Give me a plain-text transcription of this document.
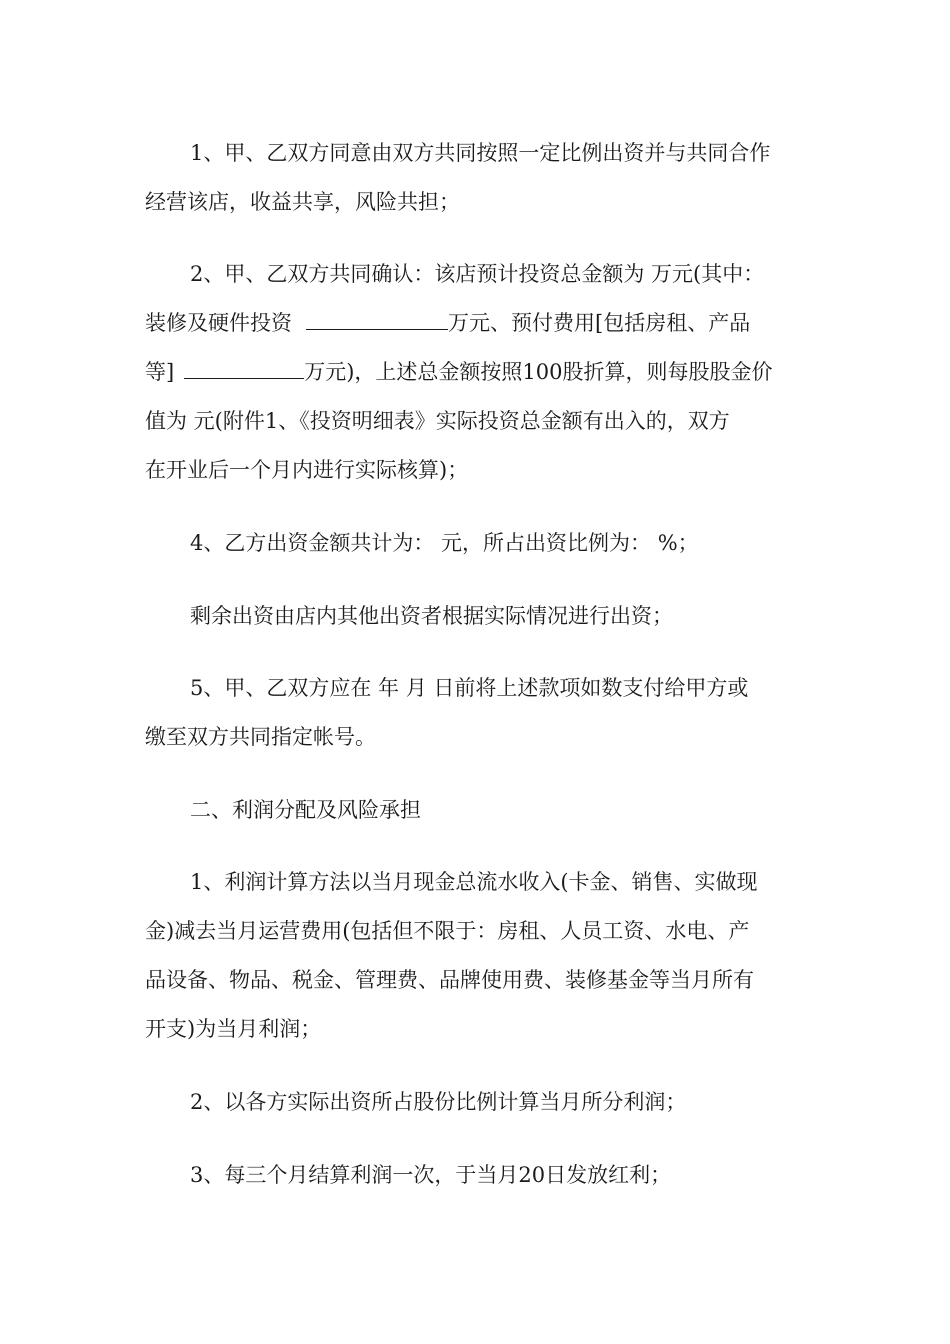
1、甲、乙双方同意由双方共同按照一定比例出资并与共同合作
经营该店，收益共享，风险共担；
2、甲、乙双方共同确认：该店预计投资总金额为 万元(其中：
装修及硬件投资	万元、预付费用[包括房租、产品
等]	万元)，上述总金额按照100股折算，则每股股金价
值为 元(附件1、《投资明细表》实际投资总金额有出入的，双方
在开业后一个月内进行实际核算)；
4、乙方出资金额共计为： 元，所占出资比例为： %；
剩余出资由店内其他出资者根据实际情况进行出资；
5、甲、乙双方应在 年 月 日前将上述款项如数支付给甲方或
缴至双方共同指定帐号。
二、利润分配及风险承担
1、利润计算方法以当月现金总流水收入(卡金、销售、实做现
金)减去当月运营费用(包括但不限于：房租、人员工资、水电、产
品设备、物品、税金、管理费、品牌使用费、装修基金等当月所有
开支)为当月利润；
2、以各方实际出资所占股份比例计算当月所分利润；
3、每三个月结算利润一次，于当月20日发放红利；
